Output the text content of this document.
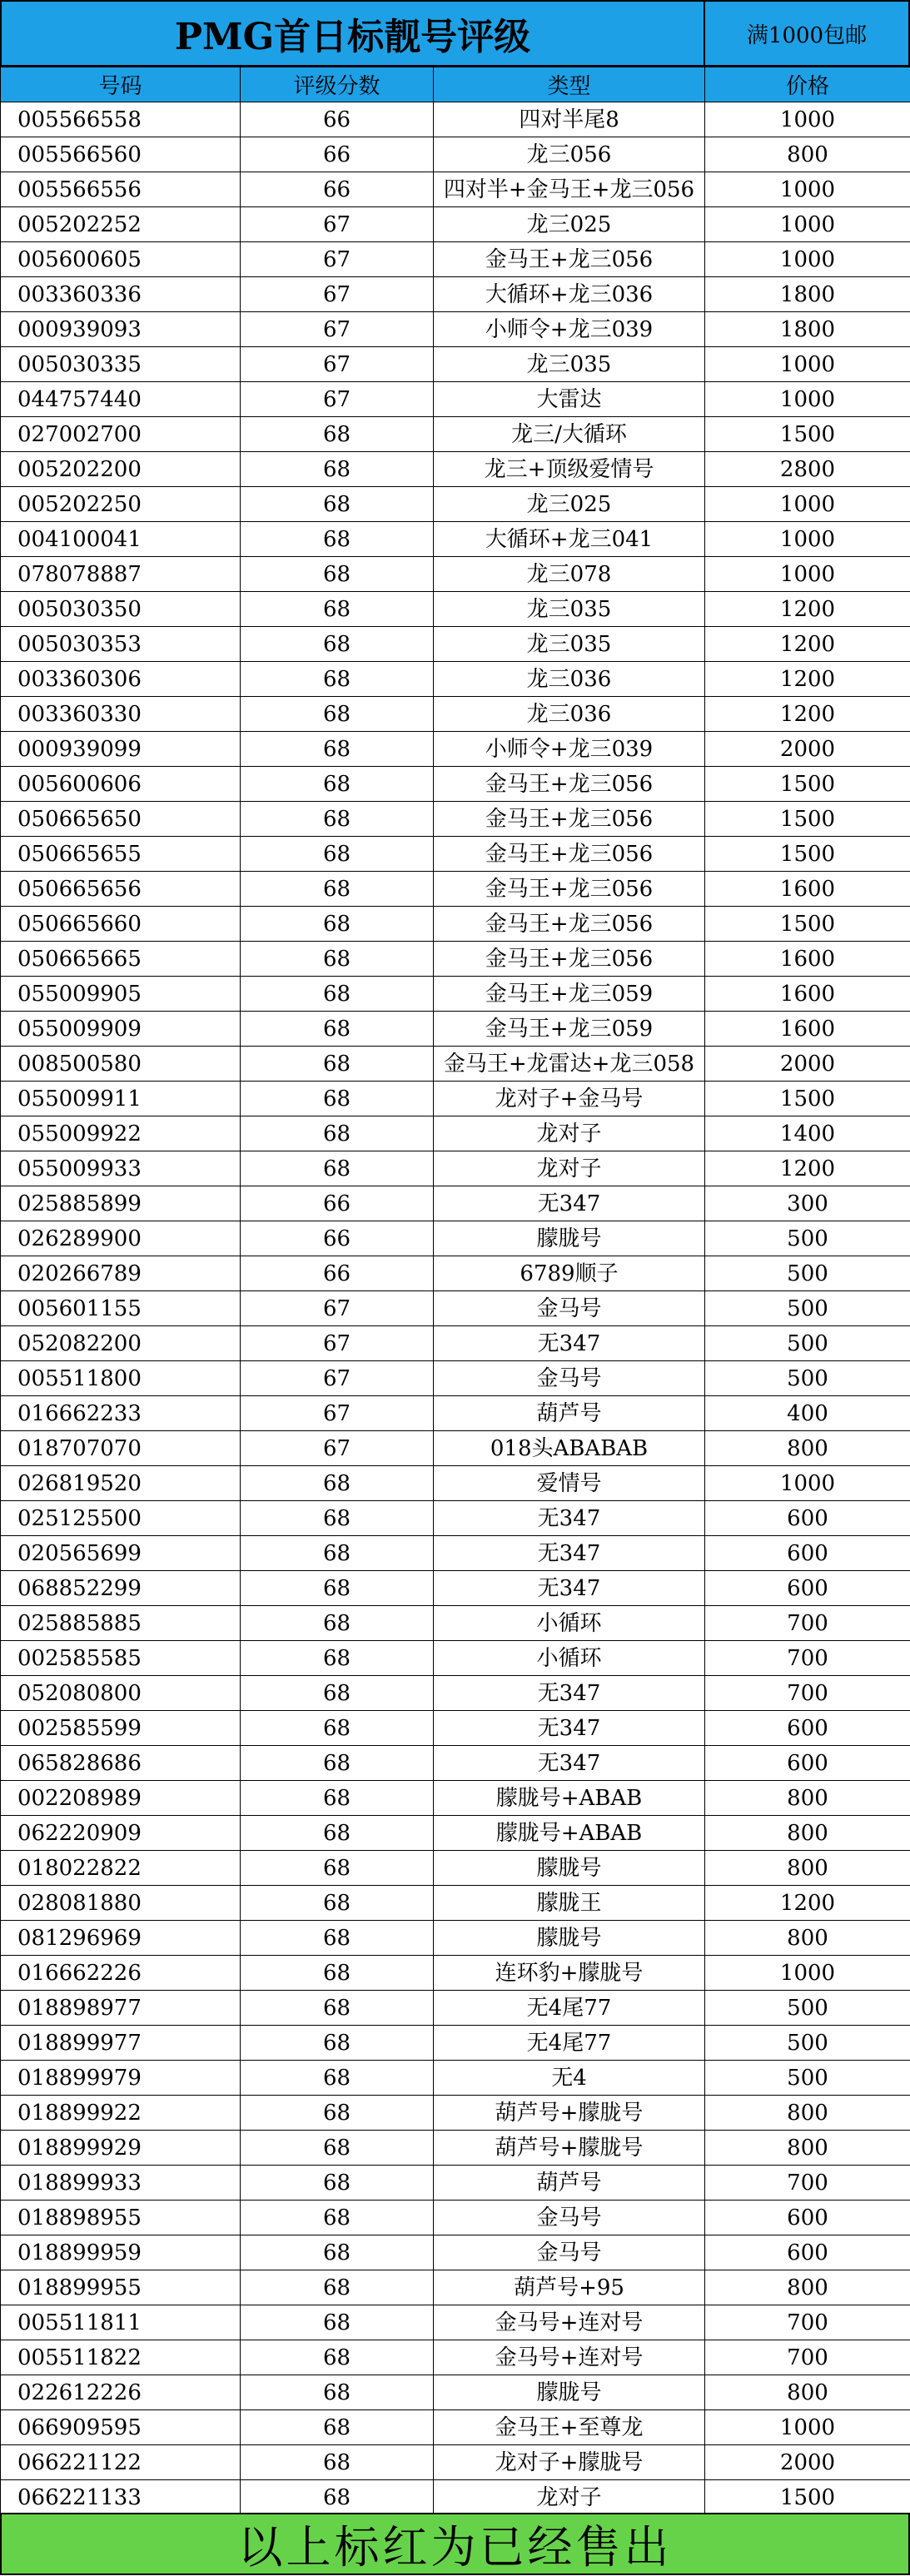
PMG首日标靓号评级	满1000包邮
号码	评级分数	类型	价格
005566558	66	四对半尾8	1000
005566560	66	龙三056	800
005566556	66	四对半+金马王+龙三056	1000
005202252	67	龙三025	1000
005600605	67	金马王+龙三056	1000
003360336	67	大循环+龙三036	1800
000939093	67	小师令+龙三039	1800
005030335	67	龙三035	1000
044757440	67	大雷达	1000
027002700	68	龙三/大循环	1500
005202200	68	龙三+顶级爱情号	2800
005202250	68	龙三025	1000
004100041	68	大循环+龙三041	1000
078078887	68	龙三078	1000
005030350	68	龙三035	1200
005030353	68	龙三035	1200
003360306	68	龙三036	1200
003360330	68	龙三036	1200
000939099	68	小师令+龙三039	2000
005600606	68	金马王+龙三056	1500
050665650	68	金马王+龙三056	1500
050665655	68	金马王+龙三056	1500
050665656	68	金马王+龙三056	1600
050665660	68	金马王+龙三056	1500
050665665	68	金马王+龙三056	1600
055009905	68	金马王+龙三059	1600
055009909	68	金马王+龙三059	1600
008500580	68	金马王+龙雷达+龙三058	2000
055009911	68	龙对子+金马号	1500
055009922	68	龙对子	1400
055009933	68	龙对子	1200
025885899	66	无347	300
026289900	66	朦胧号	500
020266789	66	6789顺子	500
005601155	67	金马号	500
052082200	67	无347	500
005511800	67	金马号	500
016662233	67	葫芦号	400
018707070	67	018头ABABAB	800
026819520	68	爱情号	1000
025125500	68	无347	600
020565699	68	无347	600
068852299	68	无347	600
025885885	68	小循环	700
002585585	68	小循环	700
052080800	68	无347	700
002585599	68	无347	600
065828686	68	无347	600
002208989	68	朦胧号+ABAB	800
062220909	68	朦胧号+ABAB	800
018022822	68	朦胧号	800
028081880	68	朦胧王	1200
081296969	68	朦胧号	800
016662226	68	连环豹+朦胧号	1000
018898977	68	无4尾77	500
018899977	68	无4尾77	500
018899979	68	无4	500
018899922	68	葫芦号+朦胧号	800
018899929	68	葫芦号+朦胧号	800
018899933	68	葫芦号	700
018898955	68	金马号	600
018899959	68	金马号	600
018899955	68	葫芦号+95	800
005511811	68	金马号+连对号	700
005511822	68	金马号+连对号	700
022612226	68	朦胧号	800
066909595	68	金马王+至尊龙	1000
066221122	68	龙对子+朦胧号	2000
066221133	68	龙对子	1500
以上标红为已经售出
